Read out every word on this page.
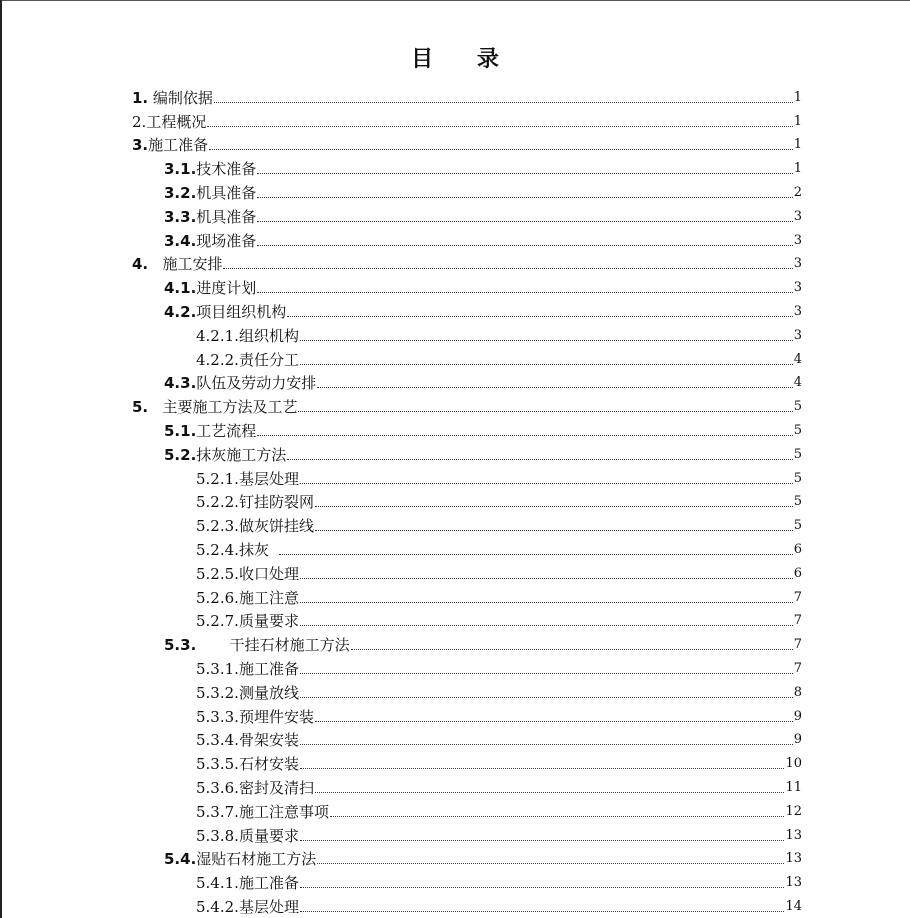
目 录
1. 编制依据	1
2.工程概况	1
3.施工准备	1
3.1.技术准备	1
3.2.机具准备	2
3.3.机具准备	3
3.4.现场准备	3
4.   施工安排	3
4.1.进度计划	3
4.2.项目组织机构	3
4.2.1.组织机构	3
4.2.2.责任分工	4
4.3.队伍及劳动力安排	4
5.   主要施工方法及工艺	5
5.1.工艺流程	5
5.2.抹灰施工方法	5
5.2.1.基层处理	5
5.2.2.钉挂防裂网	5
5.2.3.做灰饼挂线	5
5.2.4.抹灰	6
5.2.5.收口处理	6
5.2.6.施工注意	7
5.2.7.质量要求	7
5.3.       干挂石材施工方法	7
5.3.1.施工准备	7
5.3.2.测量放线	8
5.3.3.预埋件安装	9
5.3.4.骨架安装	9
5.3.5.石材安装	10
5.3.6.密封及清扫	11
5.3.7.施工注意事项	12
5.3.8.质量要求	13
5.4.湿贴石材施工方法	13
5.4.1.施工准备	13
5.4.2.基层处理	14
